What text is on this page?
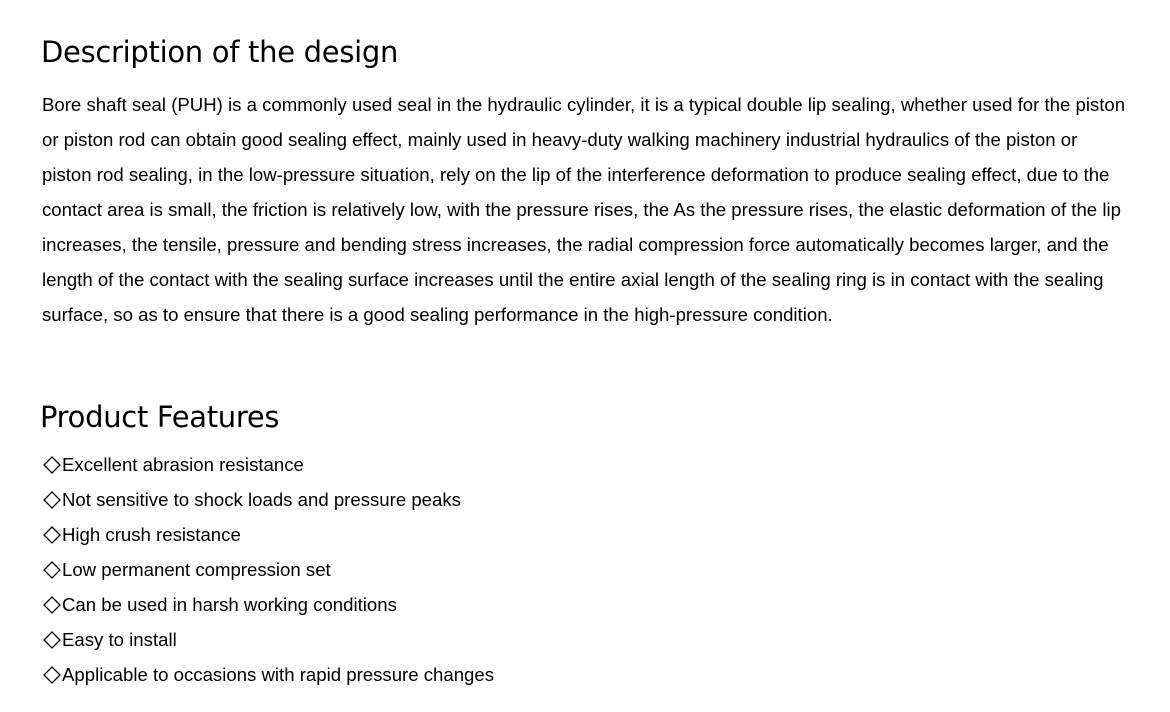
Description of the design

Bore shaft seal (PUH) is a commonly used seal in the hydraulic cylinder, it is a typical double lip sealing, whether used for the piston or piston rod can obtain good sealing effect, mainly used in heavy-duty walking machinery industrial hydraulics of the piston or piston rod sealing, in the low-pressure situation, rely on the lip of the interference deformation to produce sealing effect, due to the contact area is small, the friction is relatively low, with the pressure rises, the As the pressure rises, the elastic deformation of the lip increases, the tensile, pressure and bending stress increases, the radial compression force automatically becomes larger, and the length of the contact with the sealing surface increases until the entire axial length of the sealing ring is in contact with the sealing surface, so as to ensure that there is a good sealing performance in the high-pressure condition.

Product Features
Excellent abrasion resistance
Not sensitive to shock loads and pressure peaks
High crush resistance
Low permanent compression set
Can be used in harsh working conditions
Easy to install
Applicable to occasions with rapid pressure changes
